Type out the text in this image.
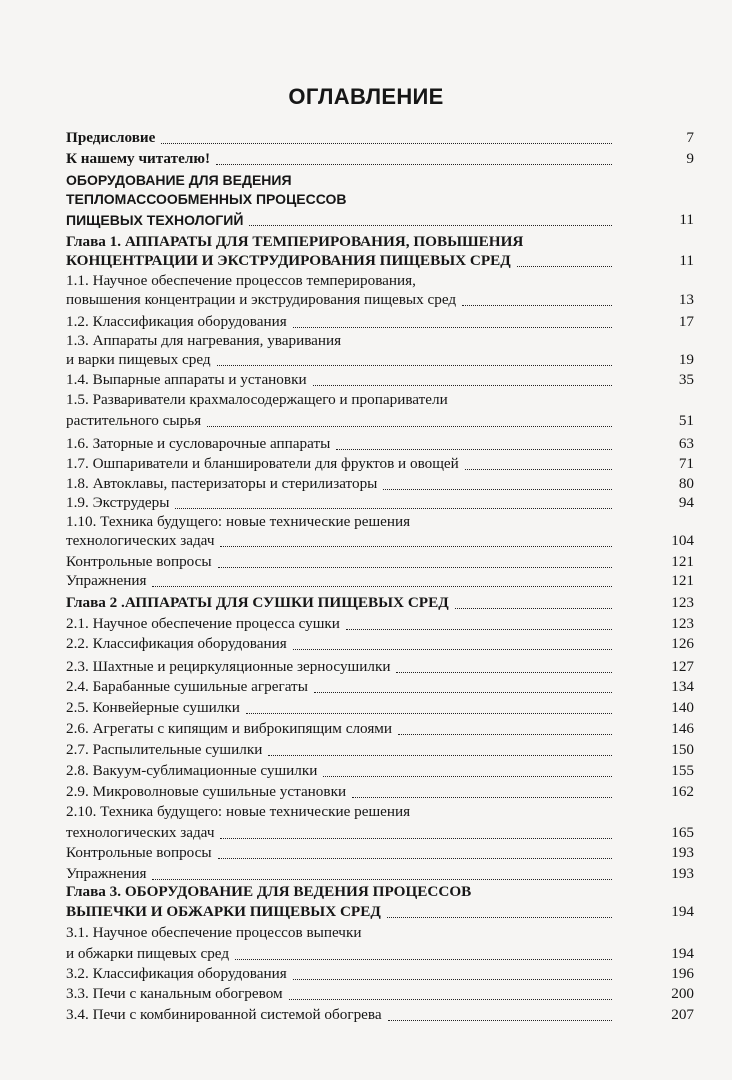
ОГЛАВЛЕНИЕ
Предисловие	7
К нашему читателю!	9
ОБОРУДОВАНИЕ ДЛЯ ВЕДЕНИЯ
ТЕПЛОМАССООБМЕННЫХ ПРОЦЕССОВ
ПИЩЕВЫХ ТЕХНОЛОГИЙ	11
Глава 1. АППАРАТЫ ДЛЯ ТЕМПЕРИРОВАНИЯ, ПОВЫШЕНИЯ
КОНЦЕНТРАЦИИ И ЭКСТРУДИРОВАНИЯ ПИЩЕВЫХ СРЕД	11
1.1. Научное обеспечение процессов темперирования,
повышения концентрации и экструдирования пищевых сред	13
1.2. Классификация оборудования	17
1.3. Аппараты для нагревания, уваривания
и варки пищевых сред	19
1.4. Выпарные аппараты и установки	35
1.5. Развариватели крахмалосодержащего и пропариватели
растительного сырья	51
1.6. Заторные и сусловарочные аппараты	63
1.7. Ошпариватели и бланширователи для фруктов и овощей	71
1.8. Автоклавы, пастеризаторы и стерилизаторы	80
1.9. Экструдеры	94
1.10. Техника будущего: новые технические решения
технологических задач	104
Контрольные вопросы	121
Упражнения	121
Глава 2 .АППАРАТЫ ДЛЯ СУШКИ ПИЩЕВЫХ СРЕД	123
2.1. Научное обеспечение процесса сушки	123
2.2. Классификация оборудования	126
2.3. Шахтные и рециркуляционные зерносушилки	127
2.4. Барабанные сушильные агрегаты	134
2.5. Конвейерные сушилки	140
2.6. Агрегаты с кипящим и виброкипящим слоями	146
2.7. Распылительные сушилки	150
2.8. Вакуум-сублимационные сушилки	155
2.9. Микроволновые сушильные установки	162
2.10. Техника будущего: новые технические решения
технологических задач	165
Контрольные вопросы	193
Упражнения	193
Глава 3. ОБОРУДОВАНИЕ ДЛЯ ВЕДЕНИЯ ПРОЦЕССОВ
ВЫПЕЧКИ И ОБЖАРКИ ПИЩЕВЫХ СРЕД	194
3.1. Научное обеспечение процессов выпечки
и обжарки пищевых сред	194
3.2. Классификация оборудования	196
3.3. Печи с канальным обогревом	200
3.4. Печи с комбинированной системой обогрева	207
